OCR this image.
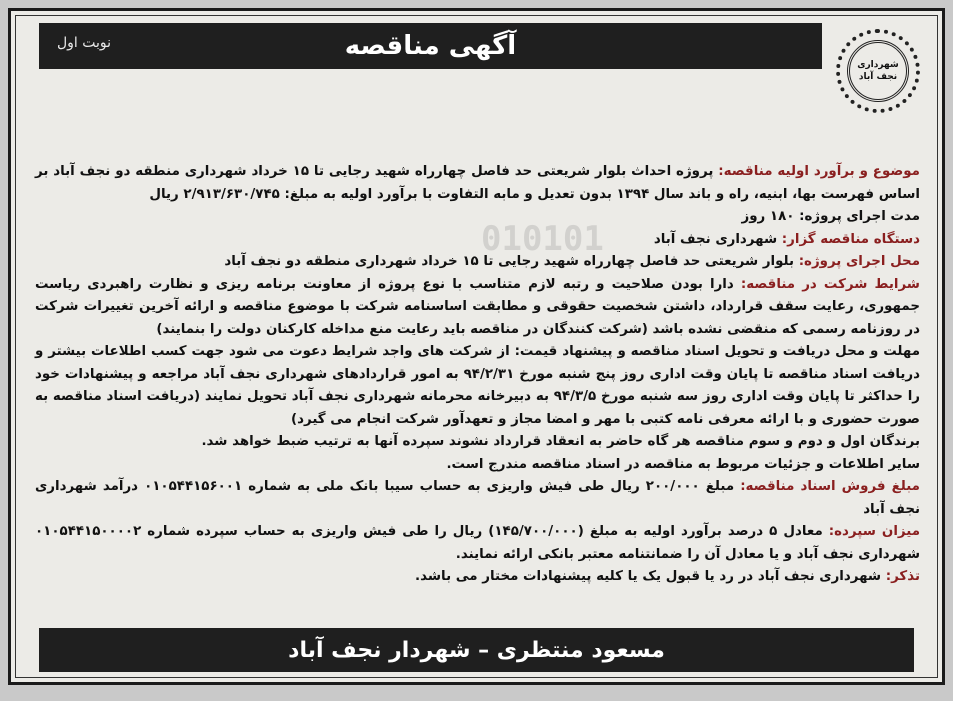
آگهی مناقصه
نوبت اول
شهرداری نجف آباد
010101

موضوع و برآورد اولیه مناقصه: پروژه احداث بلوار شریعتی حد فاصل چهارراه شهید رجایی تا ۱۵ خرداد شهرداری منطقه دو نجف آباد بر اساس فهرست بها، ابنیه، راه و باند سال ۱۳۹۴ بدون تعدیل و مابه التفاوت با برآورد اولیه به مبلغ: ۲/۹۱۳/۶۳۰/۷۴۵ ریال

مدت اجرای پروژه: ۱۸۰ روز

دستگاه مناقصه گزار: شهرداری نجف آباد

محل اجرای پروژه: بلوار شریعتی حد فاصل چهارراه شهید رجایی تا ۱۵ خرداد شهرداری منطقه دو نجف آباد

شرایط شرکت در مناقصه: دارا بودن صلاحیت و رتبه لازم متناسب با نوع پروژه از معاونت برنامه ریزی و نظارت راهبردی ریاست جمهوری، رعایت سقف قرارداد، داشتن شخصیت حقوقی و مطابقت اساسنامه شرکت با موضوع مناقصه و ارائه آخرین تغییرات شرکت در روزنامه رسمی که منقضی نشده باشد (شرکت کنندگان در مناقصه باید رعایت منع مداخله کارکنان دولت را بنمایند)

مهلت و محل دریافت و تحویل اسناد مناقصه و پیشنهاد قیمت: از شرکت های واجد شرایط دعوت می شود جهت کسب اطلاعات بیشتر و دریافت اسناد مناقصه تا پایان وقت اداری روز پنج شنبه مورخ ۹۴/۲/۳۱ به امور قراردادهای شهرداری نجف آباد مراجعه و پیشنهادات خود را حداکثر تا پایان وقت اداری روز سه شنبه مورخ ۹۴/۳/۵ به دبیرخانه محرمانه شهرداری نجف آباد تحویل نمایند (دریافت اسناد مناقصه به صورت حضوری و با ارائه معرفی نامه کتبی با مهر و امضا مجاز و تعهدآور شرکت انجام می گیرد)

برندگان اول و دوم و سوم مناقصه هر گاه حاضر به انعقاد قرارداد نشوند سپرده آنها به ترتیب ضبط خواهد شد.

سایر اطلاعات و جزئیات مربوط به مناقصه در اسناد مناقصه مندرج است.

مبلغ فروش اسناد مناقصه: مبلغ ۲۰۰/۰۰۰ ریال طی فیش واریزی به حساب سیبا بانک ملی به شماره ۰۱۰۵۴۴۱۵۶۰۰۱ درآمد شهرداری نجف آباد

میزان سپرده: معادل ۵ درصد برآورد اولیه به مبلغ (۱۴۵/۷۰۰/۰۰۰) ریال را طی فیش واریزی به حساب سپرده شماره ۰۱۰۵۴۴۱۵۰۰۰۰۲ شهرداری نجف آباد و یا معادل آن را ضمانتنامه معتبر بانکی ارائه نمایند.

تذکر: شهرداری نجف آباد در رد یا قبول یک یا کلیه پیشنهادات مختار می باشد.

مسعود منتظری – شهردار نجف آباد
